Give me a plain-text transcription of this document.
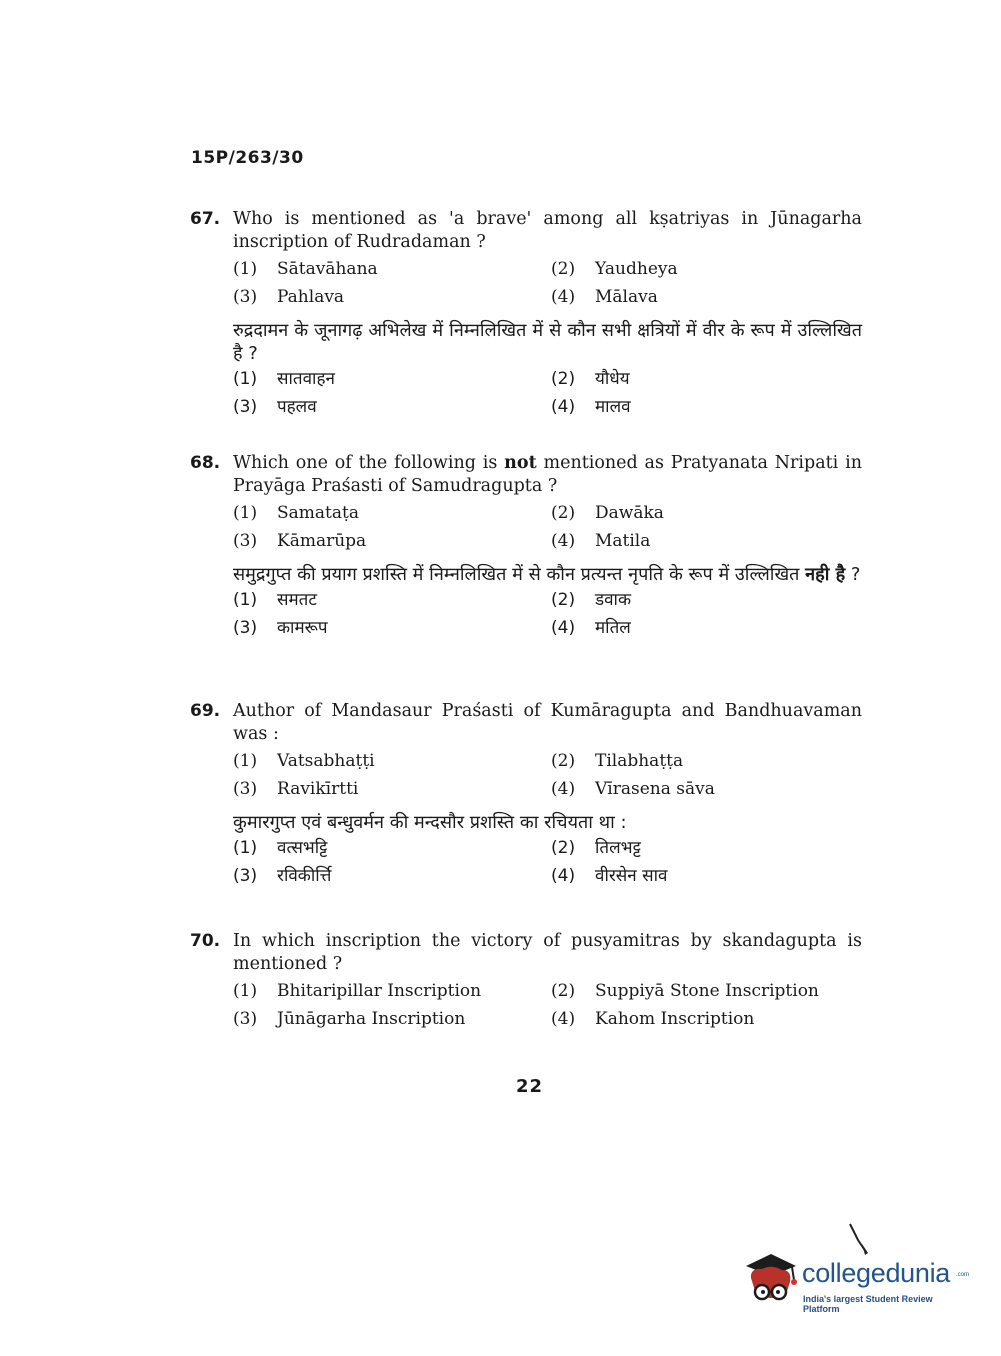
15P/263/30
67. Who is mentioned as 'a brave' among all kṣatriyas in Jūnagarha inscription of Rudradaman ?
(1)	Sātavāhana	(2)	Yaudheya
(3)	Pahlava	(4)	Mālava
रुद्रदामन के जूनागढ़ अभिलेख में निम्नलिखित में से कौन सभी क्षत्रियों में वीर के रूप में उल्लिखित है ?
(1)	सातवाहन	(2)	यौधेय
(3)	पहलव	(4)	मालव
68. Which one of the following is not mentioned as Pratyanata Nripati in Prayāga Praśasti of Samudragupta ?
(1)	Samataṭa	(2)	Dawāka
(3)	Kāmarūpa	(4)	Matila
समुद्रगुप्त की प्रयाग प्रशस्ति में निम्नलिखित में से कौन प्रत्यन्त नृपति के रूप में उल्लिखित नही है ?
(1)	समतट	(2)	डवाक
(3)	कामरूप	(4)	मतिल
69. Author of Mandasaur Praśasti of Kumāragupta and Bandhuavaman was :
(1)	Vatsabhaṭṭi	(2)	Tilabhaṭṭa
(3)	Ravikīrtti	(4)	Vīrasena sāva
कुमारगुप्त एवं बन्धुवर्मन की मन्दसौर प्रशस्ति का रचियता था :
(1)	वत्सभट्टि	(2)	तिलभट्ट
(3)	रविकीर्त्ति	(4)	वीरसेन साव
70. In which inscription the victory of pusyamitras by skandagupta is mentioned ?
(1)	Bhitaripillar Inscription	(2)	Suppiyā Stone Inscription
(3)	Jūnāgarha Inscription	(4)	Kahom Inscription
22
collegedunia .com
India's largest Student Review Platform
